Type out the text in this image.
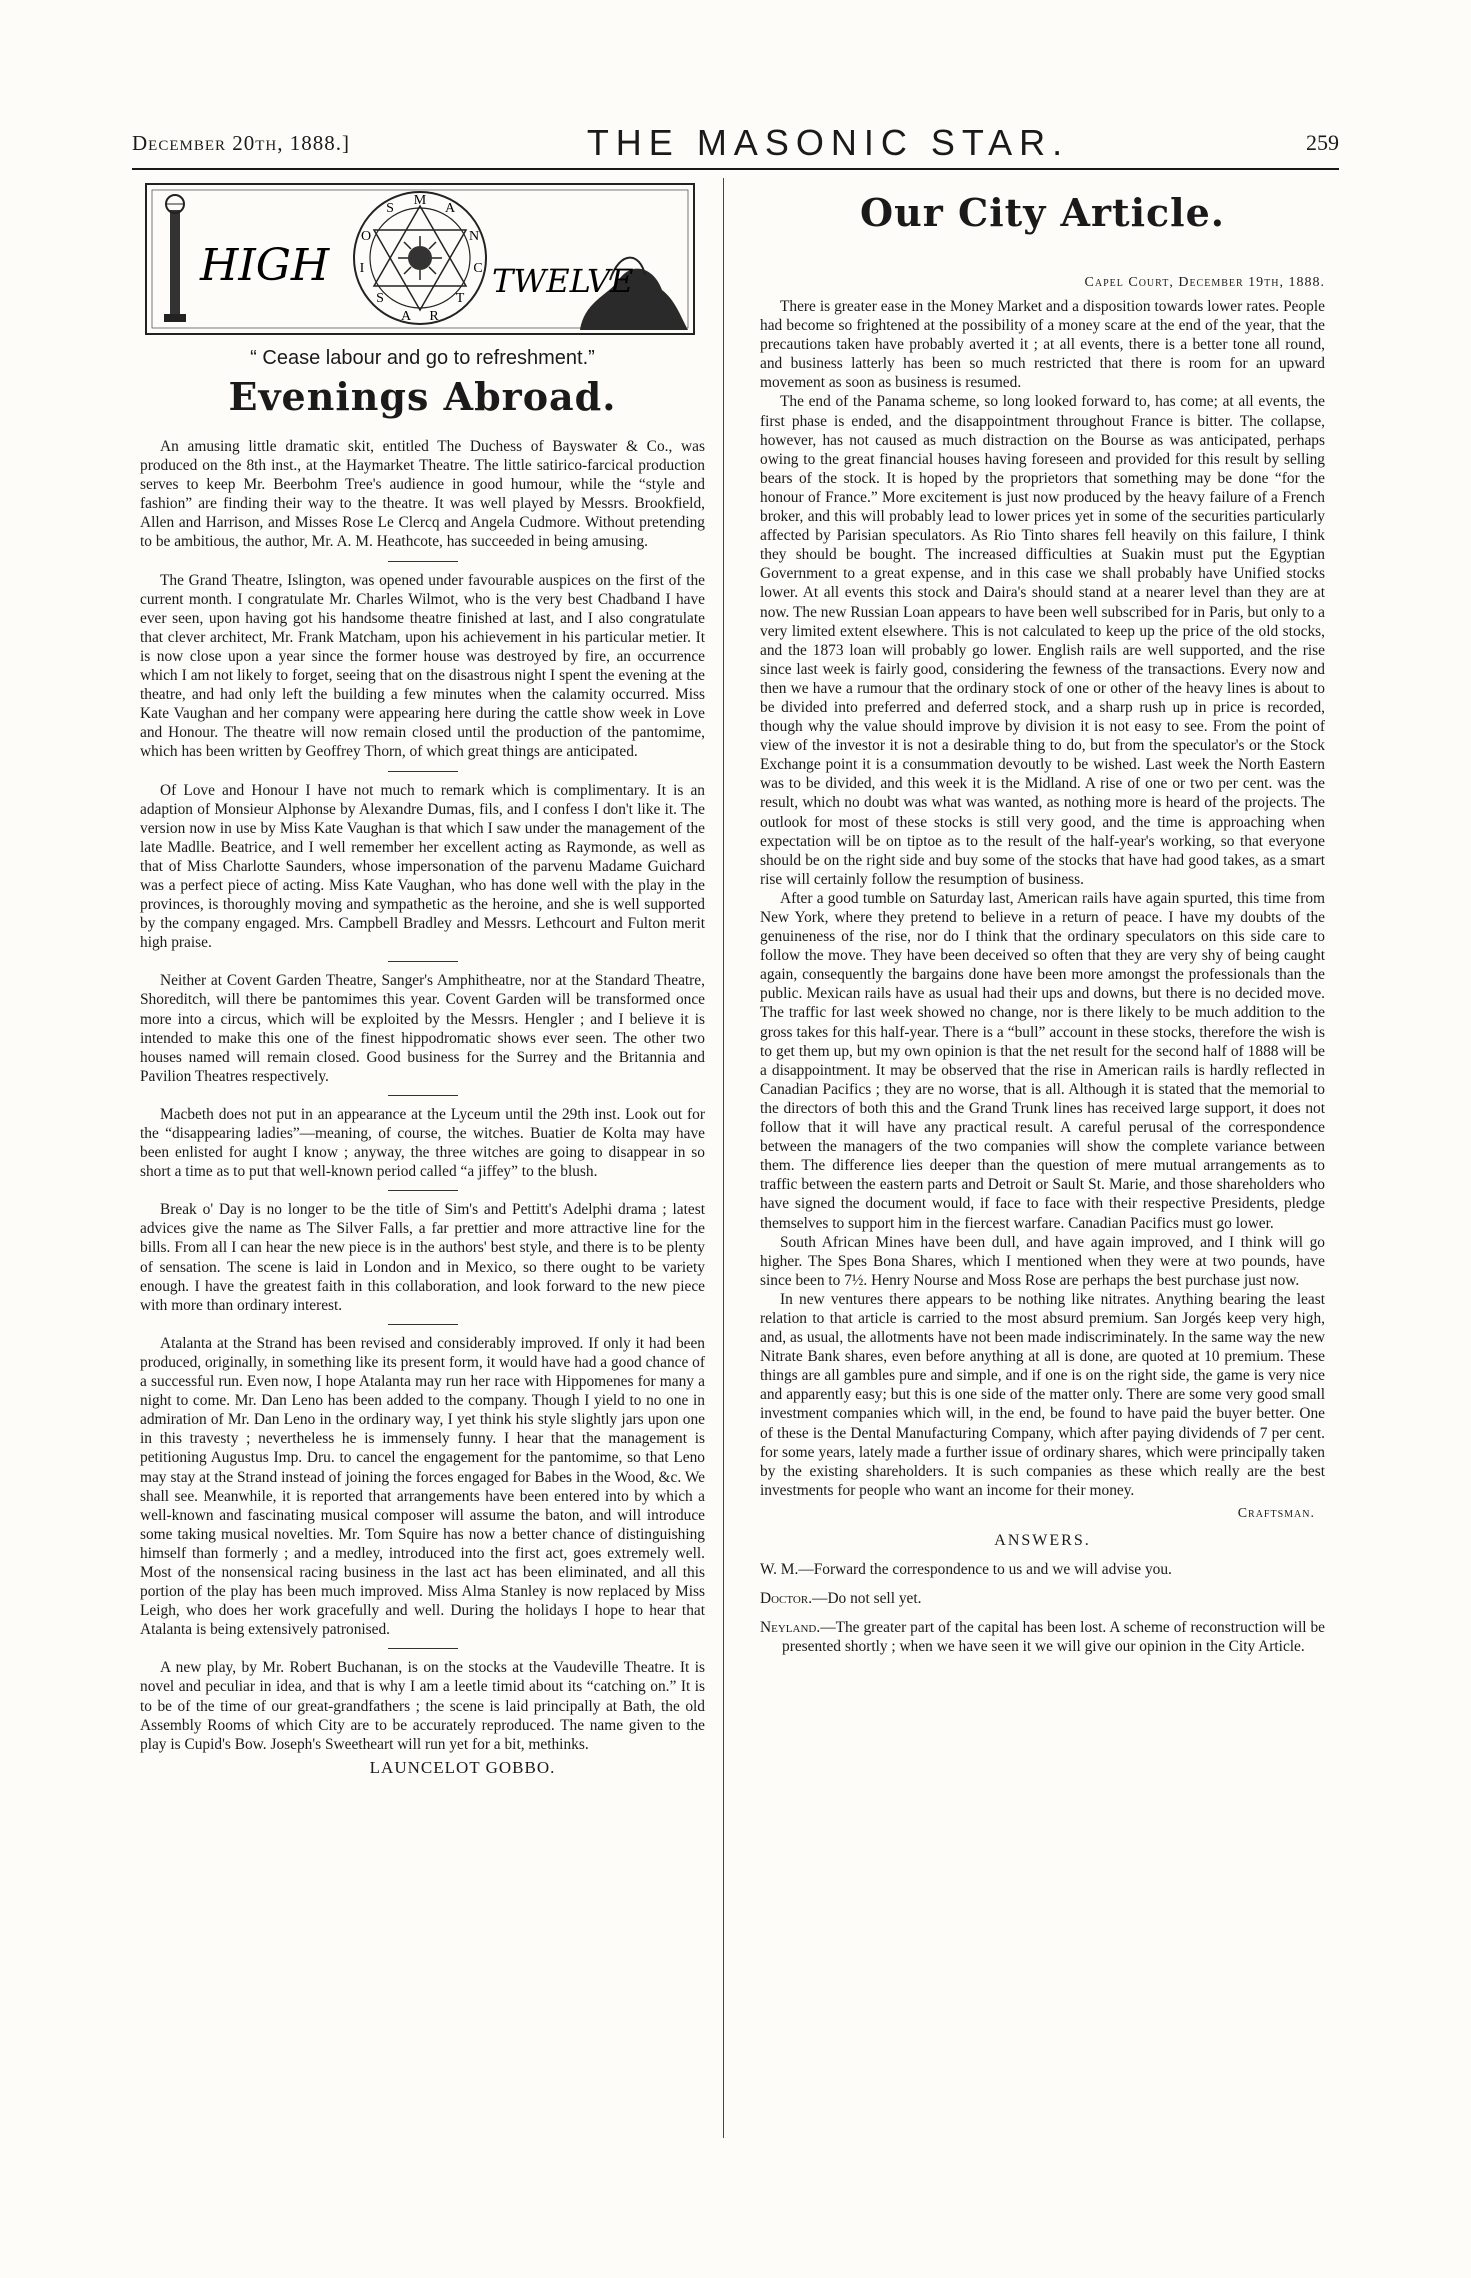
December 20th, 1888.]	THE MASONIC STAR.	259
M
A
S
O	N
I	C
S	T
A R
HIGH	TWELVE
“ Cease labour and go to refreshment.”
Evenings Abroad.

An amusing little dramatic skit, entitled The Duchess of Bayswater & Co., was produced on the 8th inst., at the Haymarket Theatre. The little satirico-farcical production serves to keep Mr. Beerbohm Tree's audience in good humour, while the “style and fashion” are finding their way to the theatre. It was well played by Messrs. Brookfield, Allen and Harrison, and Misses Rose Le Clercq and Angela Cudmore. Without pretending to be ambitious, the author, Mr. A. M. Heathcote, has succeeded in being amusing.

The Grand Theatre, Islington, was opened under favourable auspices on the first of the current month. I congratulate Mr. Charles Wilmot, who is the very best Chadband I have ever seen, upon having got his handsome theatre finished at last, and I also congratulate that clever architect, Mr. Frank Matcham, upon his achievement in his particular metier. It is now close upon a year since the former house was destroyed by fire, an occurrence which I am not likely to forget, seeing that on the disastrous night I spent the evening at the theatre, and had only left the building a few minutes when the calamity occurred. Miss Kate Vaughan and her company were appearing here during the cattle show week in Love and Honour. The theatre will now remain closed until the production of the pantomime, which has been written by Geoffrey Thorn, of which great things are anticipated.

Of Love and Honour I have not much to remark which is complimentary. It is an adaption of Monsieur Alphonse by Alexandre Dumas, fils, and I confess I don't like it. The version now in use by Miss Kate Vaughan is that which I saw under the management of the late Madlle. Beatrice, and I well remember her excellent acting as Raymonde, as well as that of Miss Charlotte Saunders, whose impersonation of the parvenu Madame Guichard was a perfect piece of acting. Miss Kate Vaughan, who has done well with the play in the provinces, is thoroughly moving and sympathetic as the heroine, and she is well supported by the company engaged. Mrs. Campbell Bradley and Messrs. Lethcourt and Fulton merit high praise.

Neither at Covent Garden Theatre, Sanger's Amphitheatre, nor at the Standard Theatre, Shoreditch, will there be pantomimes this year. Covent Garden will be transformed once more into a circus, which will be exploited by the Messrs. Hengler ; and I believe it is intended to make this one of the finest hippodromatic shows ever seen. The other two houses named will remain closed. Good business for the Surrey and the Britannia and Pavilion Theatres respectively.

Macbeth does not put in an appearance at the Lyceum until the 29th inst. Look out for the “disappearing ladies”—meaning, of course, the witches. Buatier de Kolta may have been enlisted for aught I know ; anyway, the three witches are going to disappear in so short a time as to put that well-known period called “a jiffey” to the blush.

Break o' Day is no longer to be the title of Sim's and Pettitt's Adelphi drama ; latest advices give the name as The Silver Falls, a far prettier and more attractive line for the bills. From all I can hear the new piece is in the authors' best style, and there is to be plenty of sensation. The scene is laid in London and in Mexico, so there ought to be variety enough. I have the greatest faith in this collaboration, and look forward to the new piece with more than ordinary interest.

Atalanta at the Strand has been revised and considerably improved. If only it had been produced, originally, in something like its present form, it would have had a good chance of a successful run. Even now, I hope Atalanta may run her race with Hippomenes for many a night to come. Mr. Dan Leno has been added to the company. Though I yield to no one in admiration of Mr. Dan Leno in the ordinary way, I yet think his style slightly jars upon one in this travesty ; nevertheless he is immensely funny. I hear that the management is petitioning Augustus Imp. Dru. to cancel the engagement for the pantomime, so that Leno may stay at the Strand instead of joining the forces engaged for Babes in the Wood, &c. We shall see. Meanwhile, it is reported that arrangements have been entered into by which a well-known and fascinating musical composer will assume the baton, and will introduce some taking musical novelties. Mr. Tom Squire has now a better chance of distinguishing himself than formerly ; and a medley, introduced into the first act, goes extremely well. Most of the nonsensical racing business in the last act has been eliminated, and all this portion of the play has been much improved. Miss Alma Stanley is now replaced by Miss Leigh, who does her work gracefully and well. During the holidays I hope to hear that Atalanta is being extensively patronised.

A new play, by Mr. Robert Buchanan, is on the stocks at the Vaudeville Theatre. It is novel and peculiar in idea, and that is why I am a leetle timid about its “catching on.” It is to be of the time of our great-grandfathers ; the scene is laid principally at Bath, the old Assembly Rooms of which City are to be accurately reproduced. The name given to the play is Cupid's Bow. Joseph's Sweetheart will run yet for a bit, methinks.

LAUNCELOT GOBBO.
Our City Article.
Capel Court, December 19th, 1888.

There is greater ease in the Money Market and a disposition towards lower rates. People had become so frightened at the possibility of a money scare at the end of the year, that the precautions taken have probably averted it ; at all events, there is a better tone all round, and business latterly has been so much restricted that there is room for an upward movement as soon as business is resumed.

The end of the Panama scheme, so long looked forward to, has come; at all events, the first phase is ended, and the disappointment throughout France is bitter. The collapse, however, has not caused as much distraction on the Bourse as was anticipated, perhaps owing to the great financial houses having foreseen and provided for this result by selling bears of the stock. It is hoped by the proprietors that something may be done “for the honour of France.” More excitement is just now produced by the heavy failure of a French broker, and this will probably lead to lower prices yet in some of the securities particularly affected by Parisian speculators. As Rio Tinto shares fell heavily on this failure, I think they should be bought. The increased difficulties at Suakin must put the Egyptian Government to a great expense, and in this case we shall probably have Unified stocks lower. At all events this stock and Daira's should stand at a nearer level than they are at now. The new Russian Loan appears to have been well subscribed for in Paris, but only to a very limited extent elsewhere. This is not calculated to keep up the price of the old stocks, and the 1873 loan will probably go lower. English rails are well supported, and the rise since last week is fairly good, considering the fewness of the transactions. Every now and then we have a rumour that the ordinary stock of one or other of the heavy lines is about to be divided into preferred and deferred stock, and a sharp rush up in price is recorded, though why the value should improve by division it is not easy to see. From the point of view of the investor it is not a desirable thing to do, but from the speculator's or the Stock Exchange point it is a consummation devoutly to be wished. Last week the North Eastern was to be divided, and this week it is the Midland. A rise of one or two per cent. was the result, which no doubt was what was wanted, as nothing more is heard of the projects. The outlook for most of these stocks is still very good, and the time is approaching when expectation will be on tiptoe as to the result of the half-year's working, so that everyone should be on the right side and buy some of the stocks that have had good takes, as a smart rise will certainly follow the resumption of business.

After a good tumble on Saturday last, American rails have again spurted, this time from New York, where they pretend to believe in a return of peace. I have my doubts of the genuineness of the rise, nor do I think that the ordinary speculators on this side care to follow the move. They have been deceived so often that they are very shy of being caught again, consequently the bargains done have been more amongst the professionals than the public. Mexican rails have as usual had their ups and downs, but there is no decided move. The traffic for last week showed no change, nor is there likely to be much addition to the gross takes for this half-year. There is a “bull” account in these stocks, therefore the wish is to get them up, but my own opinion is that the net result for the second half of 1888 will be a disappointment. It may be observed that the rise in American rails is hardly reflected in Canadian Pacifics ; they are no worse, that is all. Although it is stated that the memorial to the directors of both this and the Grand Trunk lines has received large support, it does not follow that it will have any practical result. A careful perusal of the correspondence between the managers of the two companies will show the complete variance between them. The difference lies deeper than the question of mere mutual arrangements as to traffic between the eastern parts and Detroit or Sault St. Marie, and those shareholders who have signed the document would, if face to face with their respective Presidents, pledge themselves to support him in the fiercest warfare. Canadian Pacifics must go lower.

South African Mines have been dull, and have again improved, and I think will go higher. The Spes Bona Shares, which I mentioned when they were at two pounds, have since been to 7½. Henry Nourse and Moss Rose are perhaps the best purchase just now.

In new ventures there appears to be nothing like nitrates. Anything bearing the least relation to that article is carried to the most absurd premium. San Jorgés keep very high, and, as usual, the allotments have not been made indiscriminately. In the same way the new Nitrate Bank shares, even before anything at all is done, are quoted at 10 premium. These things are all gambles pure and simple, and if one is on the right side, the game is very nice and apparently easy; but this is one side of the matter only. There are some very good small investment companies which will, in the end, be found to have paid the buyer better. One of these is the Dental Manufacturing Company, which after paying dividends of 7 per cent. for some years, lately made a further issue of ordinary shares, which were principally taken by the existing shareholders. It is such companies as these which really are the best investments for people who want an income for their money.

Craftsman.
ANSWERS.
W. M.—Forward the correspondence to us and we will advise you.
Doctor.—Do not sell yet.
Neyland.—The greater part of the capital has been lost. A scheme of reconstruction will be presented shortly ; when we have seen it we will give our opinion in the City Article.
